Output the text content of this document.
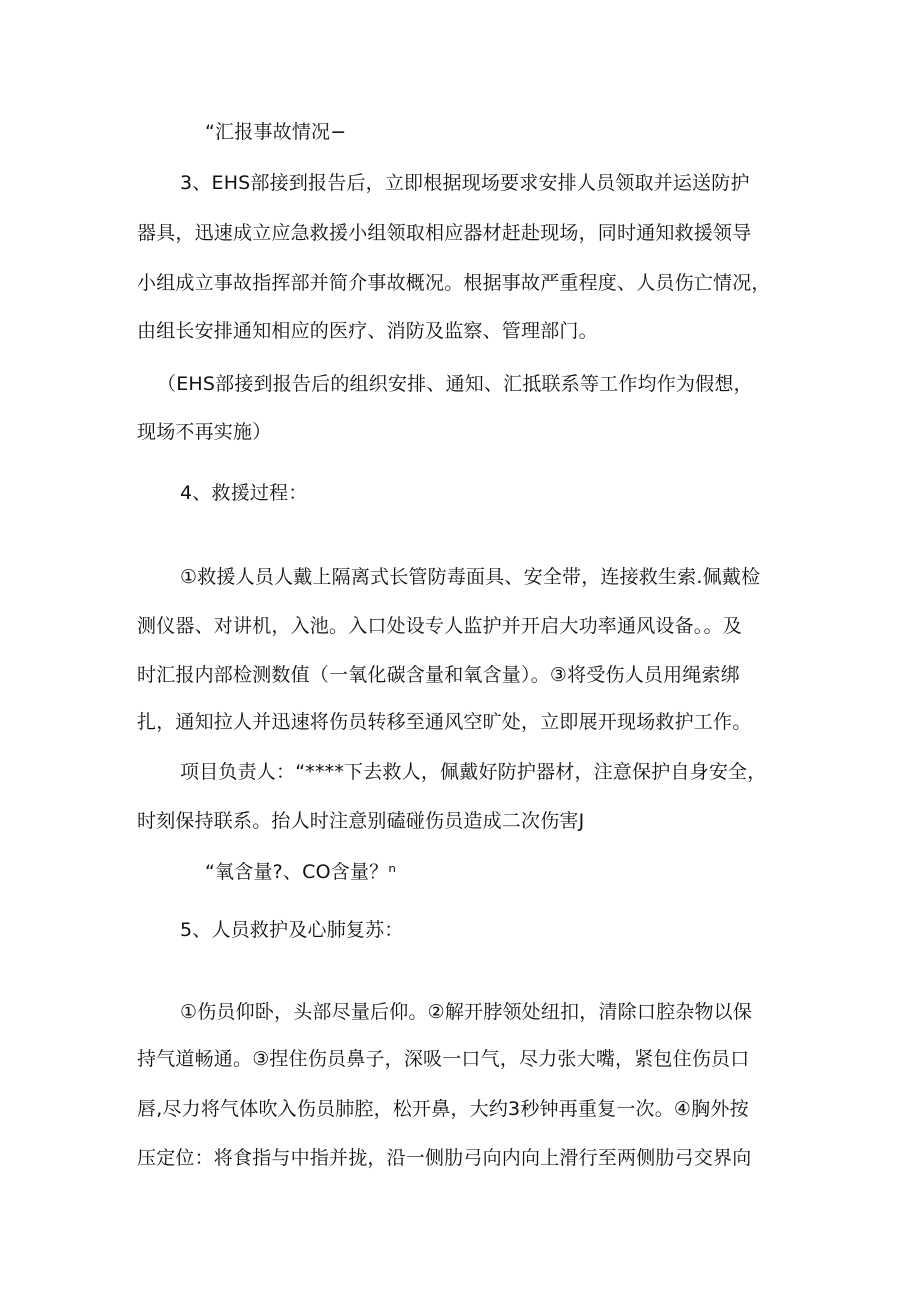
“汇报事故情况−
3、EHS部接到报告后，立即根据现场要求安排人员领取并运送防护
器具，迅速成立应急救援小组领取相应器材赶赴现场，同时通知救援领导
小组成立事故指挥部并简介事故概况。根据事故严重程度、人员伤亡情况，
由组长安排通知相应的医疗、消防及监察、管理部门。
（EHS部接到报告后的组织安排、通知、汇抵联系等工作均作为假想，
现场不再实施）
4、救援过程：
①救援人员人戴上隔离式长管防毒面具、安全带，连接救生索.佩戴检
测仪器、对讲机，入池。入口处设专人监护并开启大功率通风设备。。及
时汇报内部检测数值（一氧化碳含量和氧含量）。③将受伤人员用绳索绑
扎，通知拉人并迅速将伤员转移至通风空旷处，立即展开现场救护工作。
项目负责人：“****下去救人，佩戴好防护器材，注意保护自身安全，
时刻保持联系。抬人时注意别磕碰伤员造成二次伤害J
“氧含量?、CO含量？ⁿ
5、人员救护及心肺复苏：
①伤员仰卧，头部尽量后仰。②解开脖领处纽扣，清除口腔杂物以保
持气道畅通。③捏住伤员鼻子，深吸一口气，尽力张大嘴，紧包住伤员口
唇,尽力将气体吹入伤员肺腔，松开鼻，大约3秒钟再重复一次。④胸外按
压定位：将食指与中指并拢，沿一侧肋弓向内向上滑行至两侧肋弓交界向
